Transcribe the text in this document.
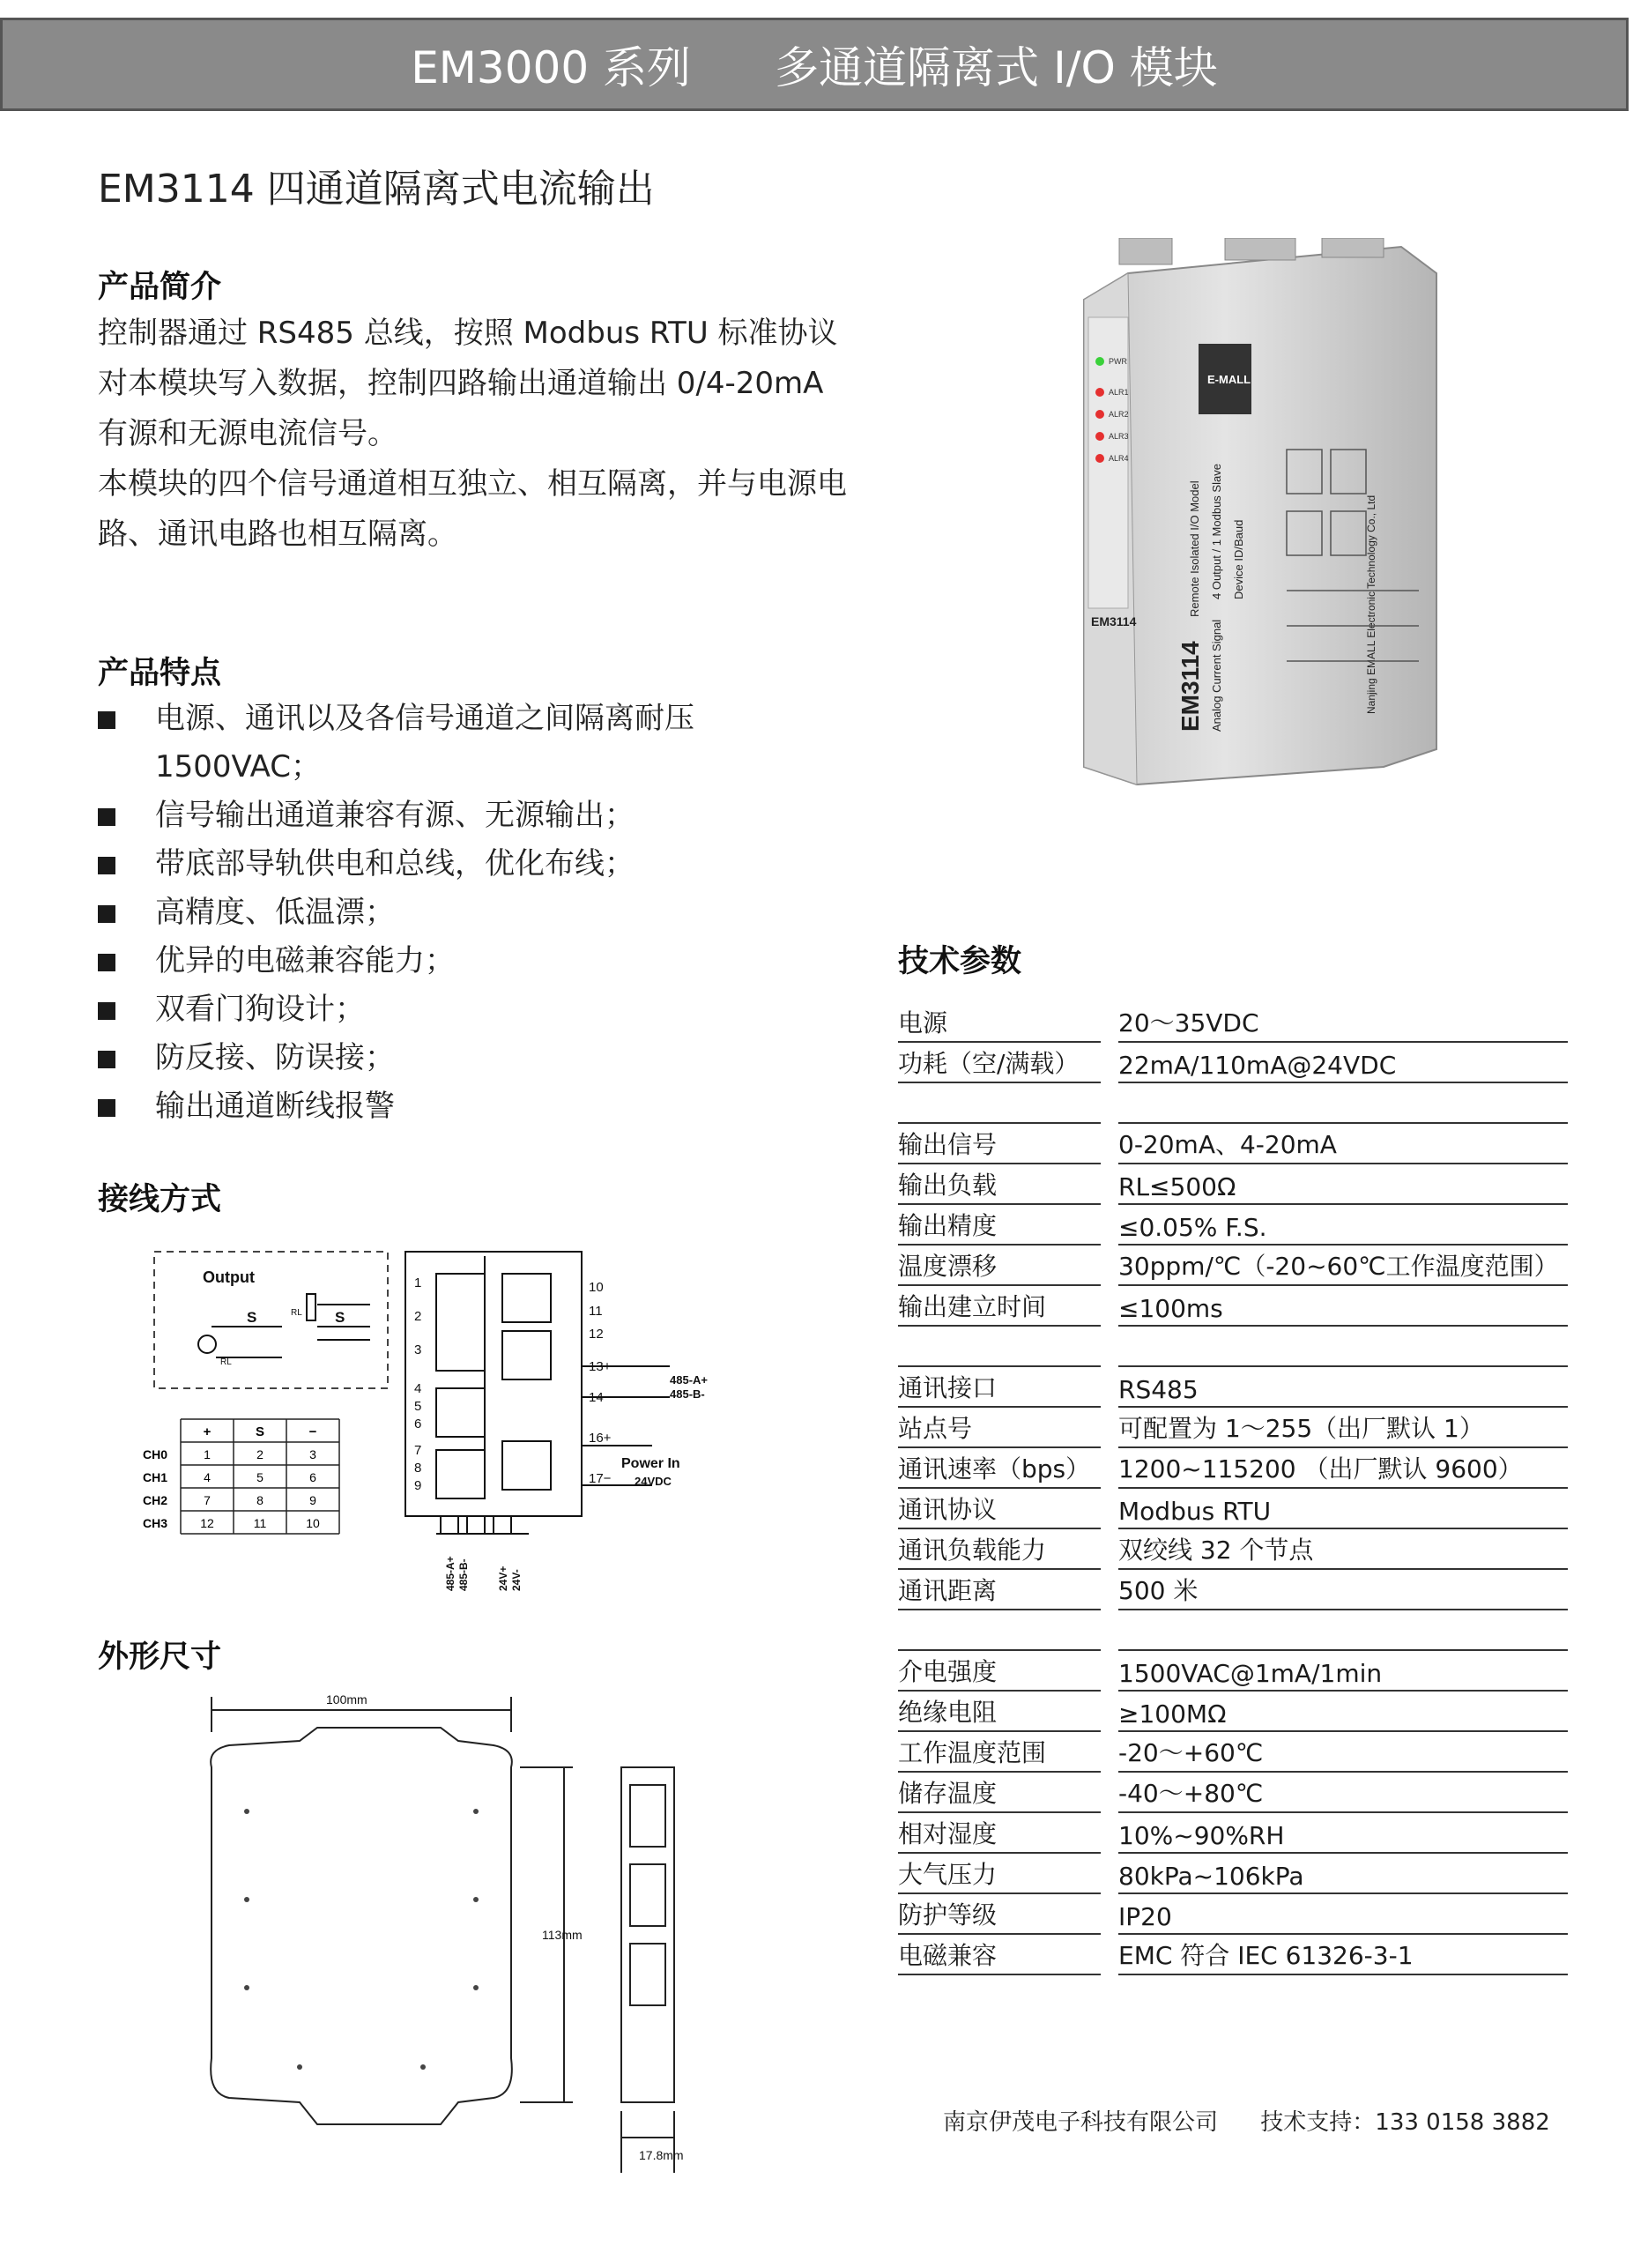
EM3000 系列 多通道隔离式 I/O 模块
EM3114 四通道隔离式电流输出
产品简介

控制器通过 RS485 总线，按照 Modbus RTU 标准协议对本模块写入数据，控制四路输出通道输出 0/4-20mA 有源和无源电流信号。

本模块的四个信号通道相互独立、相互隔离，并与电源电路、通讯电路也相互隔离。

产品特点
电源、通讯以及各信号通道之间隔离耐压 1500VAC；
信号输出通道兼容有源、无源输出；
带底部导轨供电和总线，优化布线；
高精度、低温漂；
优异的电磁兼容能力；
双看门狗设计；
防反接、防误接；
输出通道断线报警
接线方式
外形尺寸
技术参数
电源	20～35VDC
功耗（空/满载）	22mA/110mA@24VDC
输出信号	0-20mA、4-20mA
输出负载	RL≤500Ω
输出精度	≤0.05% F.S.
温度漂移	30ppm/℃（-20~60℃工作温度范围）
输出建立时间	≤100ms
通讯接口	RS485
站点号	可配置为 1～255（出厂默认 1）
通讯速率（bps）	1200~115200 （出厂默认 9600）
通讯协议	Modbus RTU
通讯负载能力	双绞线 32 个节点
通讯距离	500 米
介电强度	1500VAC@1mA/1min
绝缘电阻	≥100MΩ
工作温度范围	-20～+60℃
储存温度	-40～+80℃
相对湿度	10%~90%RH
大气压力	80kPa~106kPa
防护等级	IP20
电磁兼容	EMC 符合 IEC 61326-3-1
PWR
ALR1
ALR2
ALR3
ALR4
EM3114
EM3114
Remote Isolated I/O Model
Analog Current Signal
4 Output / 1 Modbus Slave Device ID/Baud	Nanjing EMALL Electronic Technology Co., Ltd
E-MALL
Output
S	S
RL
RL
1
2
3
4
5
6
7
8
9
10
11
12
13+
14−
16+
17−
485-A+
485-B-
Power In
24VDC
485-A+ 485-B-	24V+ 24V-
+	S	−
CH0	1	2	3
CH1	4	5	6
CH2	7	8	9
CH3	12	11	10
100mm
113mm
17.8mm
南京伊茂电子科技有限公司 技术支持：133 0158 3882
